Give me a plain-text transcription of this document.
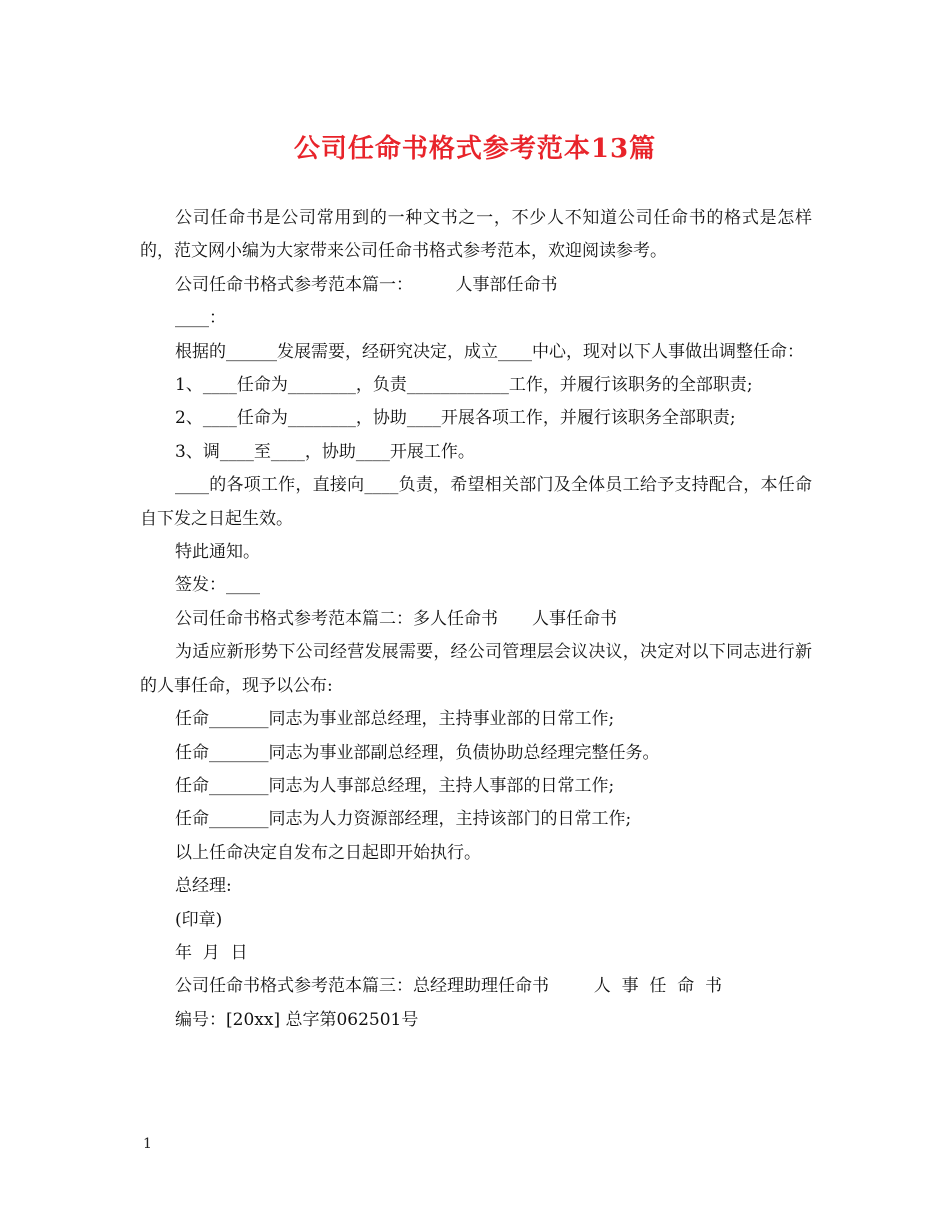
公司任命书格式参考范本13篇

公司任命书是公司常用到的一种文书之一，不少人不知道公司任命书的格式是怎样的，范文网小编为大家带来公司任命书格式参考范本，欢迎阅读参考。

公司任命书格式参考范本篇一：　　　人事部任命书

____：

根据的______发展需要，经研究决定，成立____中心，现对以下人事做出调整任命：

1、____任命为________，负责____________工作，并履行该职务的全部职责;

2、____任命为________，协助____开展各项工作，并履行该职务全部职责;

3、调____至____，协助____开展工作。

____的各项工作，直接向____负责，希望相关部门及全体员工给予支持配合，本任命自下发之日起生效。

特此通知。

签发：____

公司任命书格式参考范本篇二：多人任命书　　人事任命书

为适应新形势下公司经营发展需要，经公司管理层会议决议，决定对以下同志进行新的人事任命，现予以公布:

任命_______同志为事业部总经理，主持事业部的日常工作;

任命_______同志为事业部副总经理，负债协助总经理完整任务。

任命_______同志为人事部总经理，主持人事部的日常工作;

任命_______同志为人力资源部经理，主持该部门的日常工作;

以上任命决定自发布之日起即开始执行。

总经理:

(印章)

年  月  日

公司任命书格式参考范本篇三：总经理助理任命书　　  人  事  任  命  书

编号：[20xx] 总字第062501号

1
